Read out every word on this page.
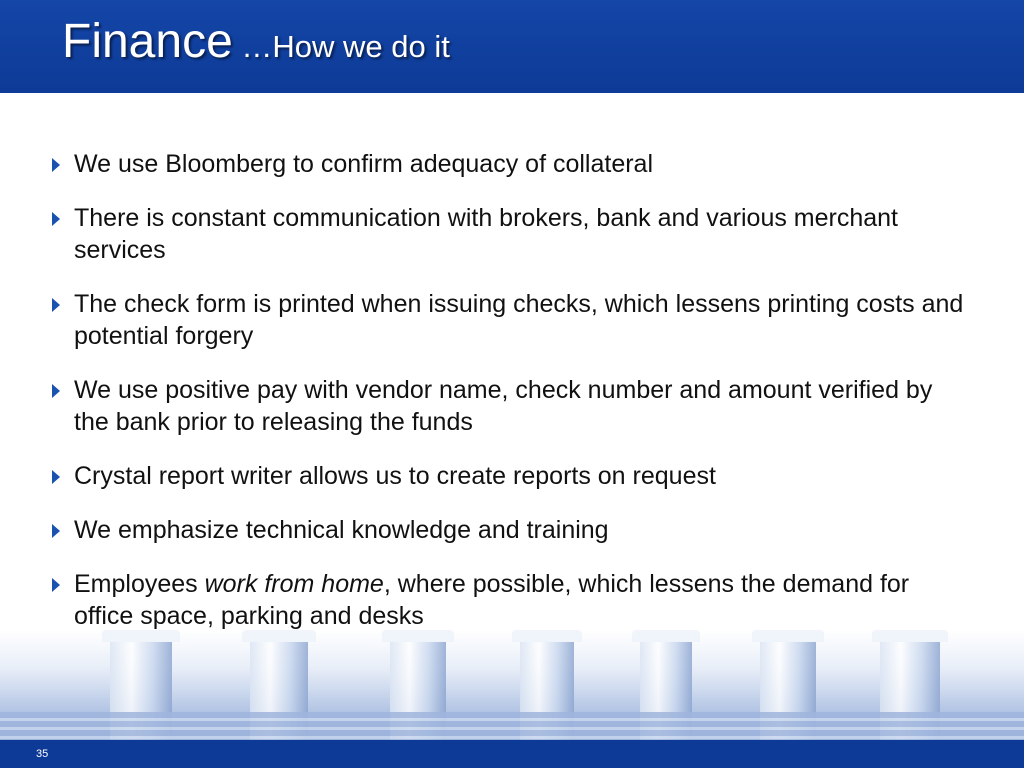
Finance …How we do it
We use Bloomberg to confirm adequacy of collateral
There is constant communication with brokers, bank and various merchant services
The check form is printed when issuing checks, which lessens printing costs and potential forgery
We use positive pay with vendor name, check number and amount verified by the bank prior to releasing the funds
Crystal report writer allows us to create reports on request
We emphasize technical knowledge and training
Employees work from home, where possible, which lessens the demand for office space, parking and desks
35
